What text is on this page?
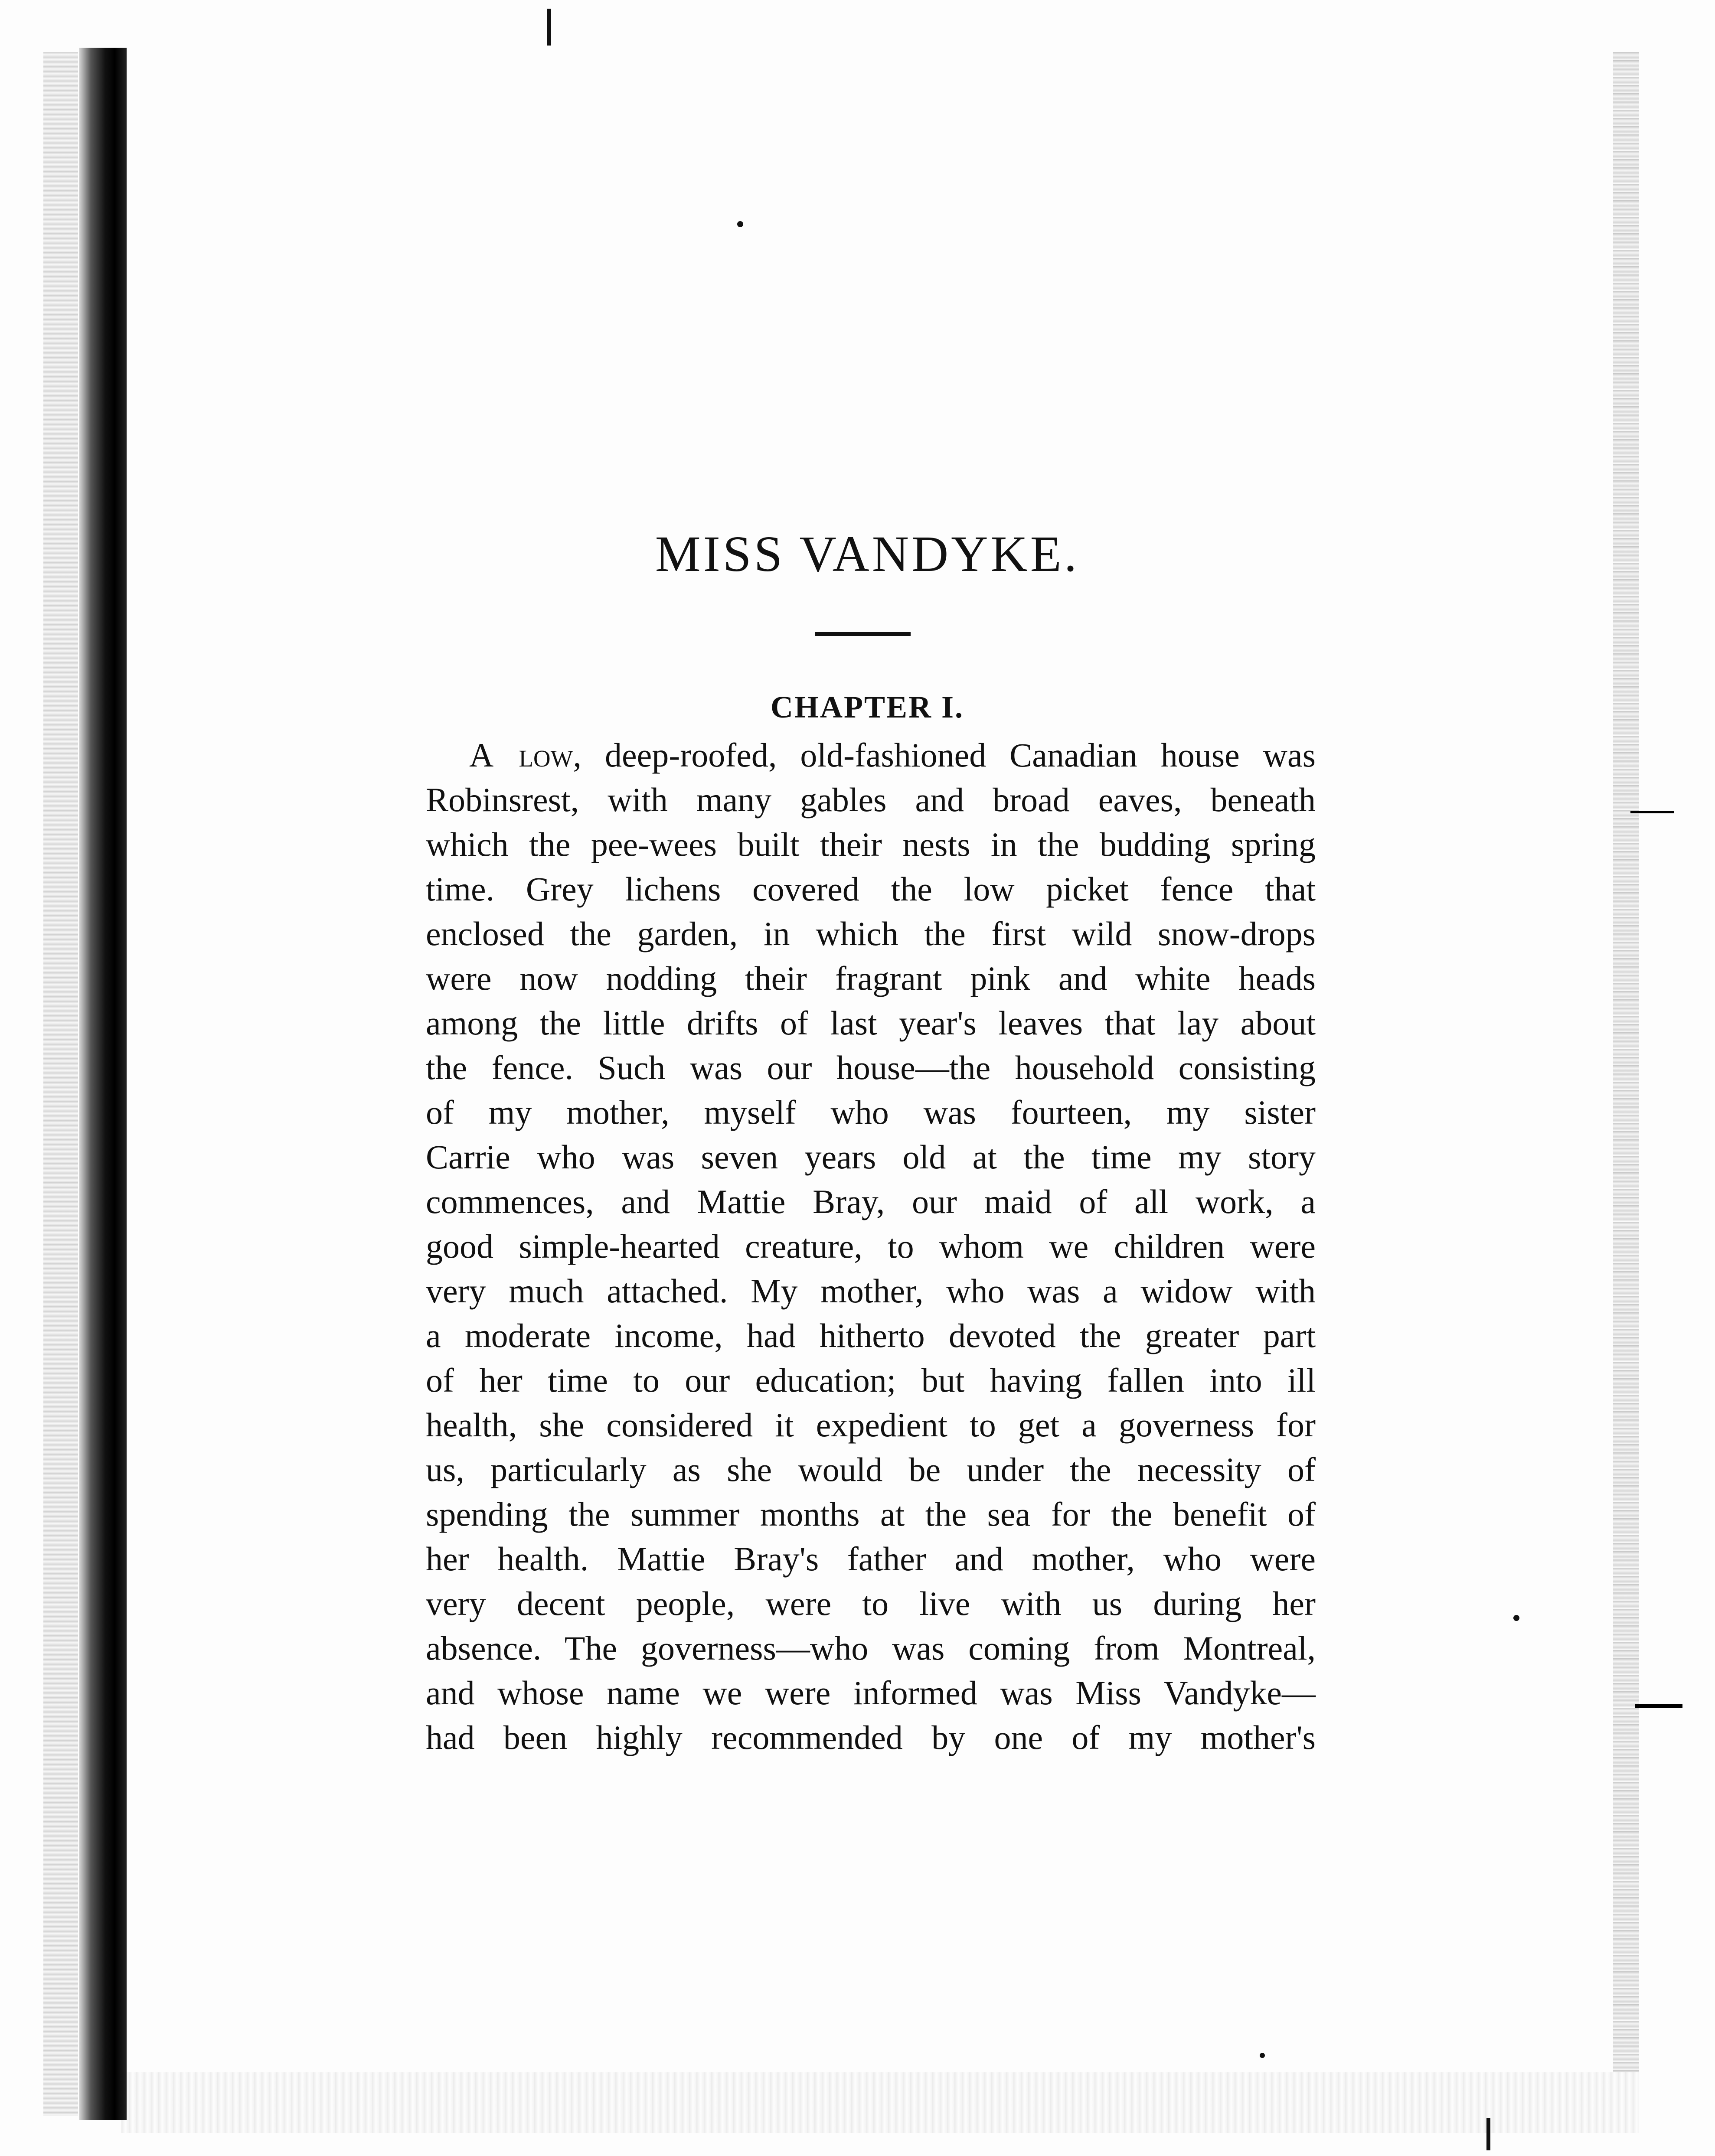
MISS VANDYKE.
CHAPTER I.
A low, deep-roofed, old-fashioned Canadian house was
Robinsrest, with many gables and broad eaves, beneath
which the pee-wees built their nests in the budding spring
time. Grey lichens covered the low picket fence that
enclosed the garden, in which the first wild snow-drops
were now nodding their fragrant pink and white heads
among the little drifts of last year's leaves that lay about
the fence. Such was our house—the household consisting
of my mother, myself who was fourteen, my sister
Carrie who was seven years old at the time my story
commences, and Mattie Bray, our maid of all work, a
good simple-hearted creature, to whom we children were
very much attached. My mother, who was a widow with
a moderate income, had hitherto devoted the greater part
of her time to our education; but having fallen into ill
health, she considered it expedient to get a governess for
us, particularly as she would be under the necessity of
spending the summer months at the sea for the benefit of
her health. Mattie Bray's father and mother, who were
very decent people, were to live with us during her
absence. The governess—who was coming from Montreal,
and whose name we were informed was Miss Vandyke—
had been highly recommended by one of my mother's
